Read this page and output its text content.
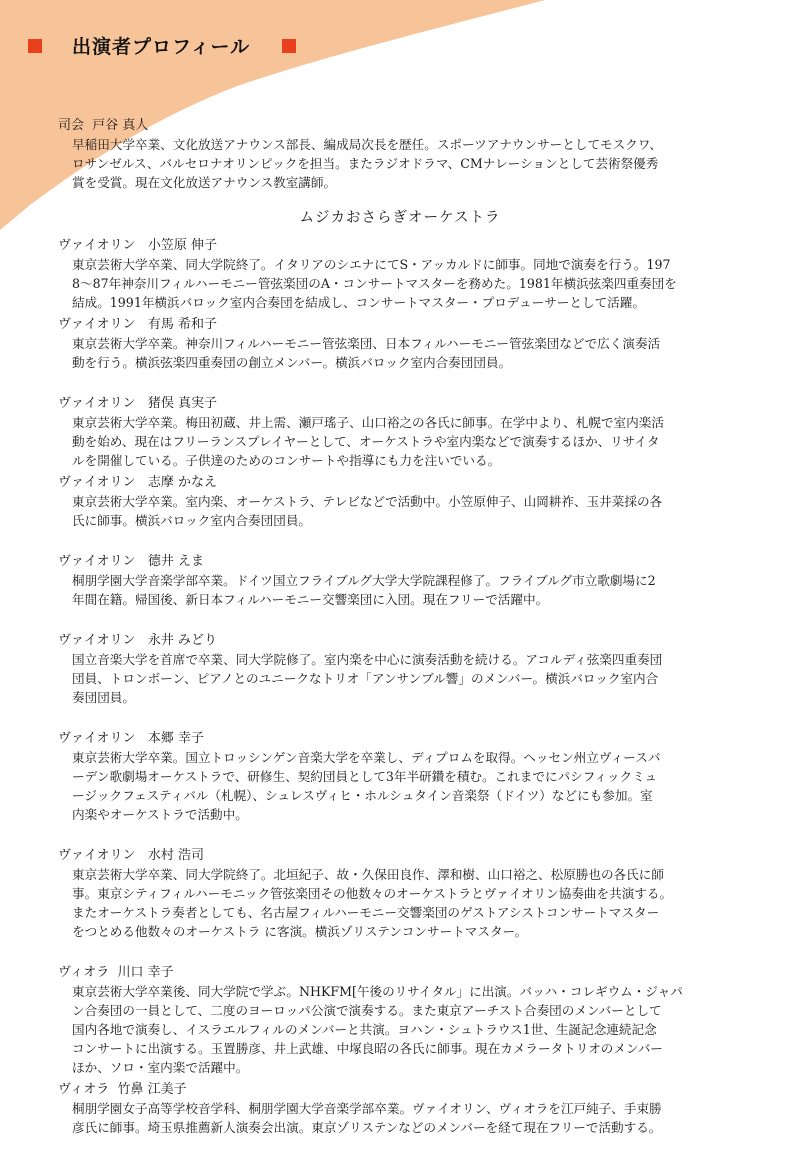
出演者プロフィール
司会 戸谷 真人
早稲田大学卒業、文化放送アナウンス部長、編成局次長を歴任。スポーツアナウンサーとしてモスクワ、
ロサンゼルス、バルセロナオリンピックを担当。またラジオドラマ、CMナレーションとして芸術祭優秀
賞を受賞。現在文化放送アナウンス教室講師。
ムジカおさらぎオーケストラ
ヴァイオリン 小笠原 伸子
東京芸術大学卒業、同大学院終了。イタリアのシエナにてS・アッカルドに師事。同地で演奏を行う。197
8〜87年神奈川フィルハーモニー管弦楽団のA・コンサートマスターを務めた。1981年横浜弦楽四重奏団を
結成。1991年横浜バロック室内合奏団を結成し、コンサートマスター・プロデューサーとして活躍。
ヴァイオリン 有馬 希和子
東京芸術大学卒業。神奈川フィルハーモニー管弦楽団、日本フィルハーモニー管弦楽団などで広く演奏活
動を行う。横浜弦楽四重奏団の創立メンバー。横浜バロック室内合奏団団員。
ヴァイオリン 猪俣 真実子
東京芸術大学卒業。梅田初蔵、井上需、瀬戸瑤子、山口裕之の各氏に師事。在学中より、札幌で室内楽活
動を始め、現在はフリーランスプレイヤーとして、オーケストラや室内楽などで演奏するほか、リサイタ
ルを開催している。子供達のためのコンサートや指導にも力を注いでいる。
ヴァイオリン 志摩 かなえ
東京芸術大学卒業。室内楽、オーケストラ、テレビなどで活動中。小笠原伸子、山岡耕祚、玉井菜採の各
氏に師事。横浜バロック室内合奏団団員。
ヴァイオリン 德井 えま
桐朋学園大学音楽学部卒業。ドイツ国立フライブルグ大学大学院課程修了。フライブルグ市立歌劇場に2
年間在籍。帰国後、新日本フィルハーモニー交響楽団に入団。現在フリーで活躍中。
ヴァイオリン 永井 みどり
国立音楽大学を首席で卒業、同大学院修了。室内楽を中心に演奏活動を続ける。アコルディ弦楽四重奏団
団員、トロンボーン、ピアノとのユニークなトリオ「アンサンブル響」のメンバー。横浜バロック室内合
奏団団員。
ヴァイオリン 本郷 幸子
東京芸術大学卒業。国立トロッシンゲン音楽大学を卒業し、ディプロムを取得。ヘッセン州立ヴィースバ
ーデン歌劇場オーケストラで、研修生、契約団員として3年半研鑽を積む。これまでにパシフィックミュ
ージックフェスティバル（札幌）、シュレスヴィヒ・ホルシュタイン音楽祭（ドイツ）などにも参加。室
内楽やオーケストラで活動中。
ヴァイオリン 水村 浩司
東京芸術大学卒業、同大学院終了。北垣紀子、故・久保田良作、澤和樹、山口裕之、松原勝也の各氏に師
事。東京シティフィルハーモニック管弦楽団その他数々のオーケストラとヴァイオリン協奏曲を共演する。
またオーケストラ奏者としても、名古屋フィルハーモニー交響楽団のゲストアシストコンサートマスター
をつとめる他数々のオーケストラ に客演。横浜ゾリステンコンサートマスター。
ヴィオラ 川口 幸子
東京芸術大学卒業後、同大学院で学ぶ。NHKFM[午後のリサイタル」に出演。バッハ・コレギウム・ジャパ
ン合奏団の一員として、二度のヨーロッパ公演で演奏する。また東京アーチスト合奏団のメンバーとして
国内各地で演奏し、イスラエルフィルのメンバーと共演。ヨハン・シュトラウス1世、生誕記念連続記念
コンサートに出演する。玉置勝彦、井上武雄、中塚良昭の各氏に師事。現在カメラータトリオのメンバー
ほか、ソロ・室内楽で活躍中。
ヴィオラ 竹鼻 江美子
桐朋学園女子高等学校音学科、桐朋学園大学音楽学部卒業。ヴァイオリン、ヴィオラを江戸純子、手束勝
彦氏に師事。埼玉県推薦新人演奏会出演。東京ゾリステンなどのメンバーを経て現在フリーで活動する。
